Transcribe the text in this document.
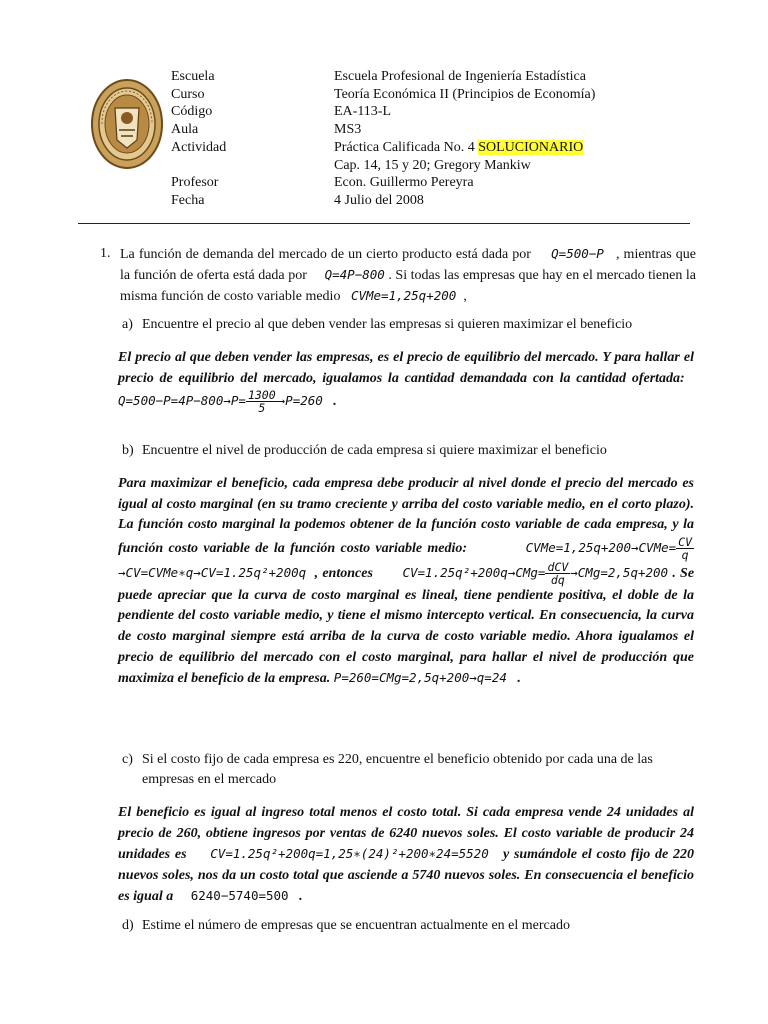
Escuela	Escuela Profesional de Ingeniería Estadística
Curso	Teoría Económica II (Principios de Economía)
Código	EA-113-L
Aula	MS3
Actividad	Práctica Calificada No. 4 SOLUCIONARIO
Cap. 14, 15 y 20; Gregory Mankiw
Profesor	Econ. Guillermo Pereyra
Fecha	4 Julio del 2008
1. La función de demanda del mercado de un cierto producto está dada por Q=500−P   , mientras que la función de oferta está dada por Q=4P−800 . Si todas las empresas que hay en el mercado tienen la misma función de costo variable medio CVMe=1,25q+200 ,
a) Encuentre el precio al que deben vender las empresas si quieren maximizar el beneficio
El precio al que deben vender las empresas, es el precio de equilibrio del mercado. Y para hallar el precio de equilibrio del mercado, igualamos la cantidad demandada con la cantidad ofertada:   $Q=500-P=4P-800\to P= \frac{1300}{5} \to P=260$ .
b) Encuentre el nivel de producción de cada empresa si quiere maximizar el beneficio
Para maximizar el beneficio, cada empresa debe producir al nivel donde el precio del mercado es igual al costo marginal (en su tramo creciente y arriba del costo variable medio, en el corto plazo). La función costo marginal la podemos obtener de la función costo variable de cada empresa, y la función costo variable de la función costo variable medio:	CVMe=1,25q+200→CVMe= $\frac{CV}{q}$
→CV=CVMe∗q→CV=1.25q²+200q , entonces $CV=1.25q^2+200q\to CMg= \frac{\text{dCV}}{dq} \to CMg=2,5q+200$ . Se puede apreciar que la curva de costo marginal es lineal, tiene pendiente positiva, el doble de la pendiente del costo variable medio, y tiene el mismo intercepto vertical. En consecuencia, la curva de costo marginal siempre está arriba de la curva de costo variable medio. Ahora igualamos el precio de equilibrio del mercado con el costo marginal, para hallar el nivel de producción que maximiza el beneficio de la empresa. P=260=CMg=2,5q+200→q=24 .
c) Si el costo fijo de cada empresa es 220, encuentre el beneficio obtenido por cada una de las empresas en el mercado
El beneficio es igual al ingreso total menos el costo total. Si cada empresa vende 24 unidades al precio de 260, obtiene ingresos por ventas de 6240 nuevos soles. El costo variable de producir 24 unidades es CV=1.25q²+200q=1,25∗(24)²+200∗24=5520 y sumándole el costo fijo de 220 nuevos soles, nos da un costo total que asciende a 5740 nuevos soles. En consecuencia el beneficio es igual a 6240−5740=500 .
d) Estime el número de empresas que se encuentran actualmente en el mercado
